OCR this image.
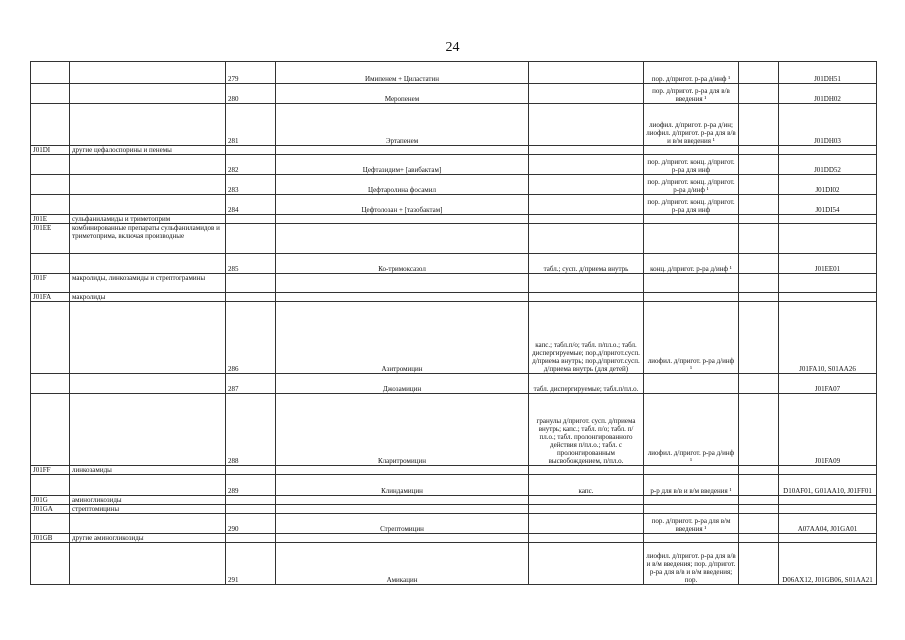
24
		279	Имипенем + Циластатин		пор. д/пригот. р-ра д/инф ¹		J01DH51
		280	Меропенем		пор. д/пригот. р-ра для в/в введения ¹		J01DH02
		281	Эртапенем		лиофил. д/пригот. р-ра д/ин; лиофил. д/пригот. р-ра для в/в и в/м введения ¹		J01DH03
J01DI	другие цефалоспорины и пенемы						
		282	Цефтазидим+ [авибактам]		пор. д/пригот. конц. д/пригот. р-ра для инф		J01DD52
		283	Цефтаролина фосамил		пор. д/пригот. конц. д/пригот. р-ра д/инф ¹		J01DI02
		284	Цефтолозан + [тазобактам]		пор. д/пригот. конц. д/пригот. р-ра для инф		J01DI54
J01E	сульфаниламиды и триметоприм						
J01EE	комбинированные препараты сульфаниламидов и триметоприма, включая производные						
		285	Ко-тримоксазол	табл.; сусп. д/приема внутрь	конц. д/пригот. р-ра д/инф ¹		J01EE01
J01F	макролиды, линкозамиды и стрептограмины						
J01FA	макролиды						
		286	Азитромицин	капс.; табл.п/о; табл. п/пл.о.; табл. диспергируемые; пор.д/пригот.сусп. д/приема внутрь; пор.д/пригот.сусп. д/приема внутрь (для детей)	лиофил. д/пригот. р-ра д/инф ¹		J01FA10, S01AA26
		287	Джозамицин	табл. диспергируемые; табл.п/пл.о.			J01FA07
		288	Кларитромицин	гранулы д/пригот. сусп. д/приема внутрь; капс.; табл. п/о; табл. п/пл.о.; табл. пролонгированного действия п/пл.о.; табл. с пролонгированным высвобождением, п/пл.о.	лиофил. д/пригот. р-ра д/инф ¹		J01FA09
J01FF	линкозамиды						
		289	Клиндамицин	капс.	р-р для в/в и в/м введения ¹		D10AF01, G01AA10, J01FF01
J01G	аминогликозиды						
J01GA	стрептомицины						
		290	Стрептомицин		пор. д/пригот. р-ра для в/м введения ¹		A07AA04, J01GA01
J01GB	другие аминогликозиды						
		291	Амикацин		лиофил. д/пригот. р-ра для в/в и в/м введения; пор. д/пригот. р-ра для в/в и в/м введения; пор.		D06AX12, J01GB06, S01AA21
